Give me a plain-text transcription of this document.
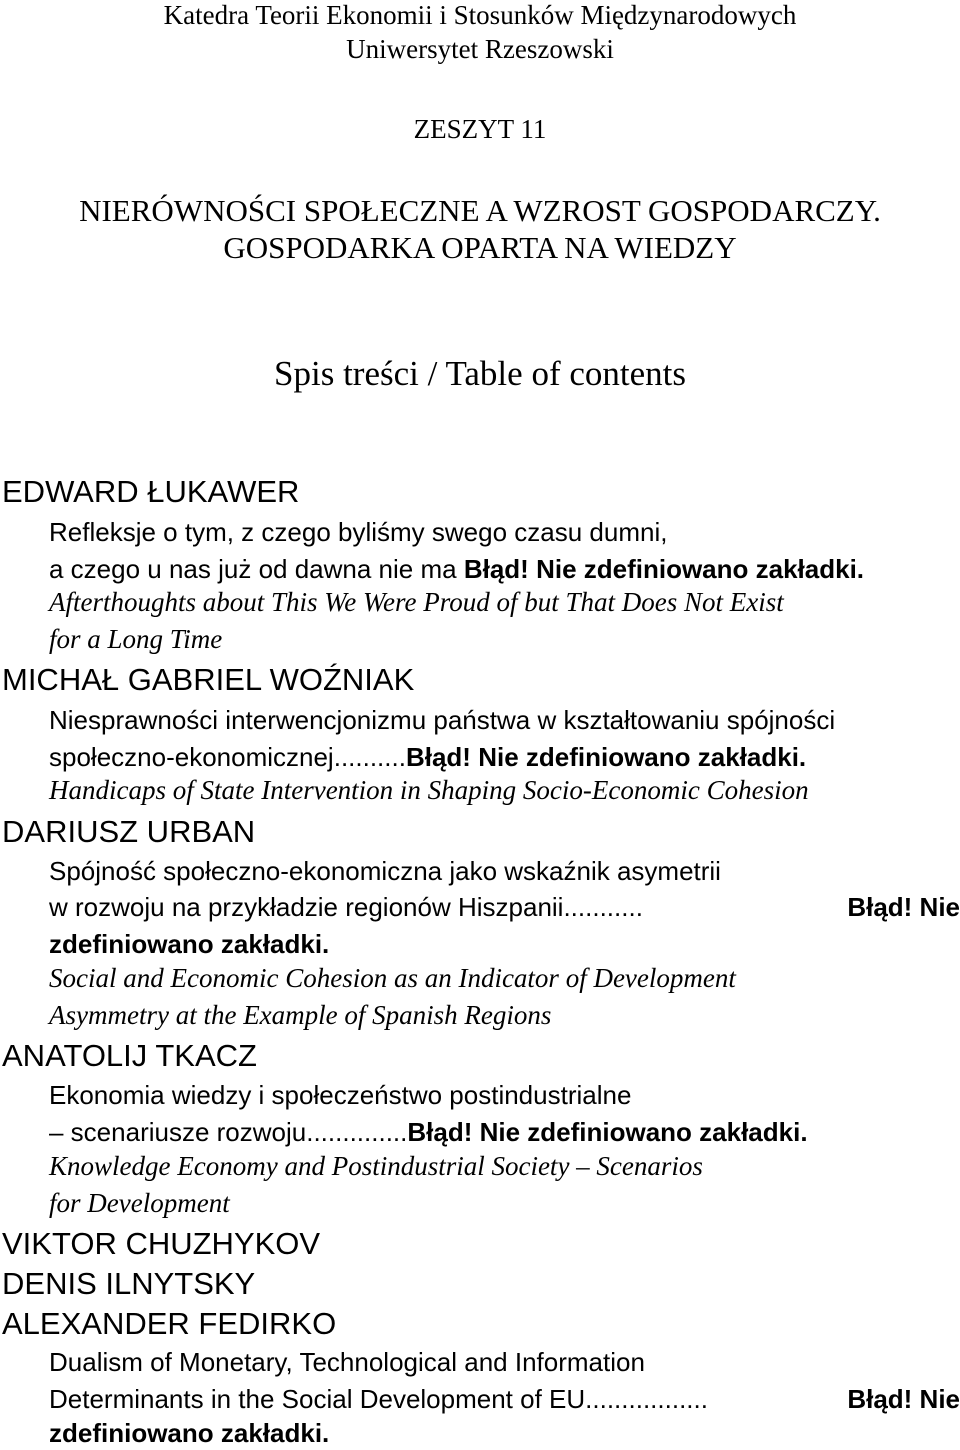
Katedra Teorii Ekonomii i Stosunków Międzynarodowych
Uniwersytet Rzeszowski
ZESZYT 11
NIERÓWNOŚCI SPOŁECZNE A WZROST GOSPODARCZY.
GOSPODARKA OPARTA NA WIEDZY
Spis treści / Table of contents
EDWARD ŁUKAWER
Refleksje o tym, z czego byliśmy swego czasu dumni,
a czego u nas już od dawna nie ma Błąd! Nie zdefiniowano zakładki.
Afterthoughts about This We Were Proud of but That Does Not Exist
for a Long Time
MICHAŁ GABRIEL WOŹNIAK
Niesprawności interwencjonizmu państwa w kształtowaniu spójności
społeczno-ekonomicznej..........Błąd! Nie zdefiniowano zakładki.
Handicaps of State Intervention in Shaping Socio-Economic Cohesion
DARIUSZ URBAN
Spójność społeczno-ekonomiczna jako wskaźnik asymetrii
w rozwoju na przykładzie regionów Hiszpanii ...........	Błąd! Nie
zdefiniowano zakładki.
Social and Economic Cohesion as an Indicator of Development
Asymmetry at the Example of Spanish Regions
ANATOLIJ TKACZ
Ekonomia wiedzy i społeczeństwo postindustrialne
– scenariusze rozwoju..............Błąd! Nie zdefiniowano zakładki.
Knowledge Economy and Postindustrial Society – Scenarios
for Development
VIKTOR CHUZHYKOV
DENIS ILNYTSKY
ALEXANDER FEDIRKO
Dualism of Monetary, Technological and Information
Determinants in the Social Development of EU .................	Błąd! Nie
zdefiniowano zakładki.
